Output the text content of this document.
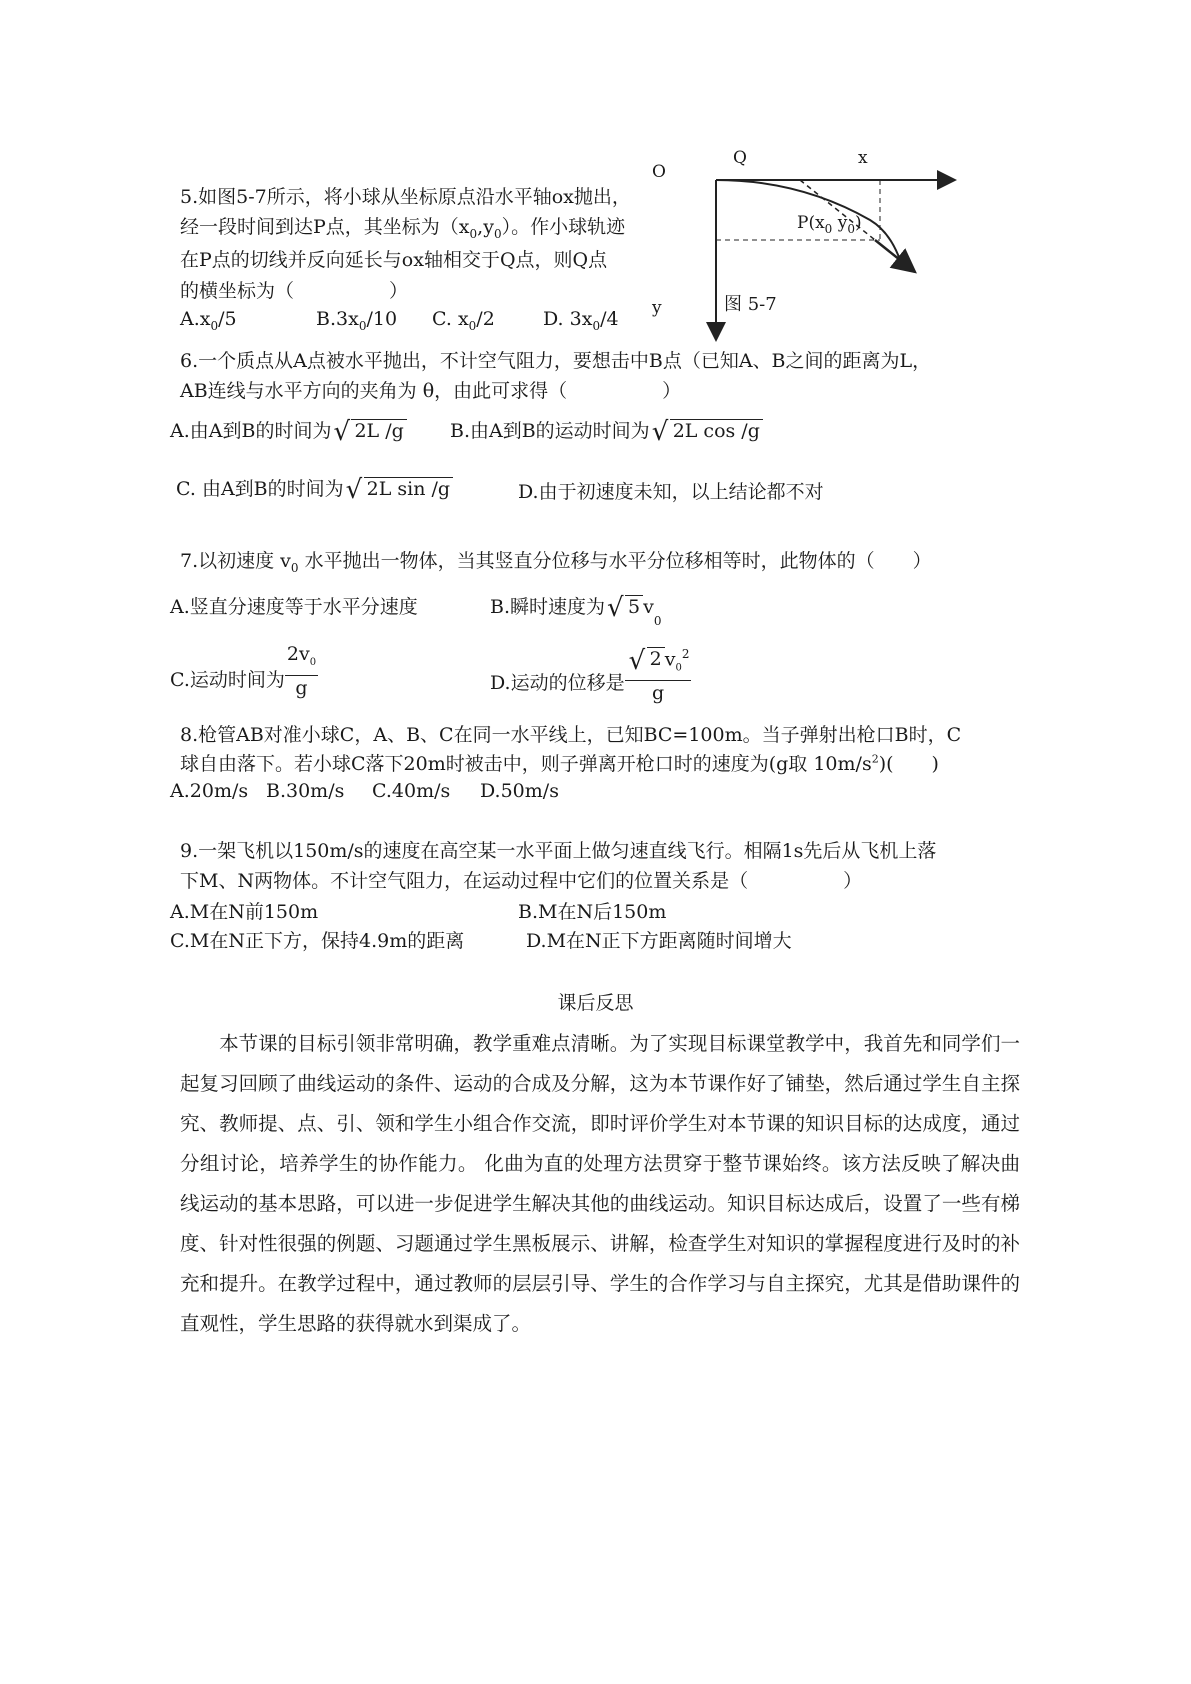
5.如图5-7所示，将小球从坐标原点沿水平轴ox抛出，
经一段时间到达P点，其坐标为$(x_0,y_0)$。作小球轨迹
在P点的切线并反向延长与ox轴相交于Q点，则Q点
的横坐标为（　　　　　）
$A.x_0/5$	$B.3x_0/10$ C. $x_0/2$	D. $3x_0/4$
O
Q	x
y
$P(x_0$ $y_0$)
图 5-7
6.一个质点从A点被水平抛出，不计空气阻力，要想击中B点（已知A、B之间的距离为L，
AB连线与水平方向的夹角为 θ，由此可求得（　　　　　）
A.由A到B的时间为 √ 2L /g B.由A到B的运动时间为 √ 2L cos /g
C. 由A到B的时间为 √ 2L sin /g	D.由于初速度未知，以上结论都不对
7.以初速度 $v_0$ 水平抛出一物体，当其竖直分位移与水平分位移相等时，此物体的（　　）
A.竖直分速度等于水平分速度	B.瞬时速度为 √ 5 $v_0$
C.运动时间为 $\frac{2v_0}{g}$	D.运动的位移是 $\frac{√ 2 v_0^2}{g}$
8.枪管AB对准小球C，A、B、C在同一水平线上，已知BC=100m。当子弹射出枪口B时，C
球自由落下。若小球C落下20m时被击中，则子弹离开枪口时的速度为(g取 $10m/s^2$)(　　)
A.20m/s B.30m/s C.40m/s D.50m/s
9.一架飞机以150m/s的速度在高空某一水平面上做匀速直线飞行。相隔1s先后从飞机上落
下M、N两物体。不计空气阻力，在运动过程中它们的位置关系是（　　　　　）
A.M在N前150m	B.M在N后150m
C.M在N正下方，保持4.9m的距离	D.M在N正下方距离随时间增大
课后反思
　　本节课的目标引领非常明确，教学重难点清晰。为了实现目标课堂教学中，我首先和同学们一起复习回顾了曲线运动的条件、运动的合成及分解，这为本节课作好了铺垫，然后通过学生自主探究、教师提、点、引、领和学生小组合作交流，即时评价学生对本节课的知识目标的达成度，通过分组讨论，培养学生的协作能力。 化曲为直的处理方法贯穿于整节课始终。该方法反映了解决曲线运动的基本思路，可以进一步促进学生解决其他的曲线运动。知识目标达成后，设置了一些有梯度、针对性很强的例题、习题通过学生黑板展示、讲解，检查学生对知识的掌握程度进行及时的补充和提升。在教学过程中，通过教师的层层引导、学生的合作学习与自主探究，尤其是借助课件的直观性，学生思路的获得就水到渠成了。
